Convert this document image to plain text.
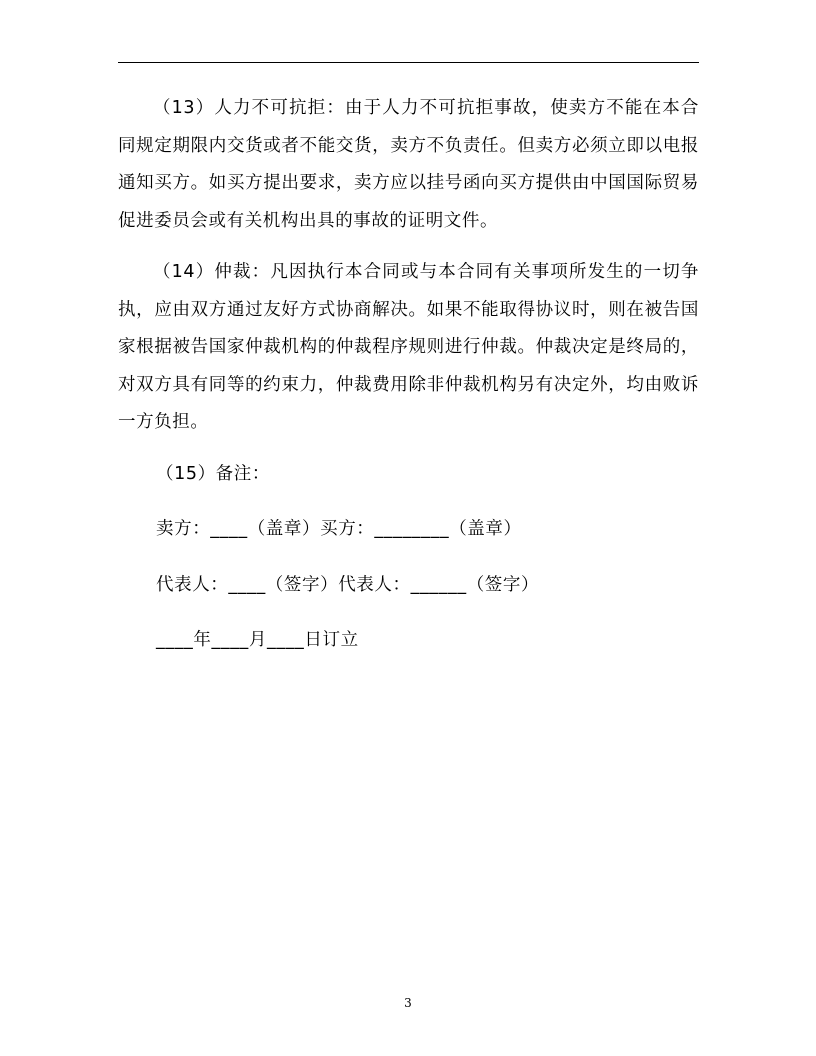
（13）人力不可抗拒：由于人力不可抗拒事故，使卖方不能在本合同规定期限内交货或者不能交货，卖方不负责任。但卖方必须立即以电报通知买方。如买方提出要求，卖方应以挂号函向买方提供由中国国际贸易促进委员会或有关机构出具的事故的证明文件。

（14）仲裁：凡因执行本合同或与本合同有关事项所发生的一切争执，应由双方通过友好方式协商解决。如果不能取得协议时，则在被告国家根据被告国家仲裁机构的仲裁程序规则进行仲裁。仲裁决定是终局的，对双方具有同等的约束力，仲裁费用除非仲裁机构另有决定外，均由败诉一方负担。

（15）备注：
卖方：____（盖章）买方：________（盖章）
代表人：____（签字）代表人：______（签字）
____年____月____日订立
3
